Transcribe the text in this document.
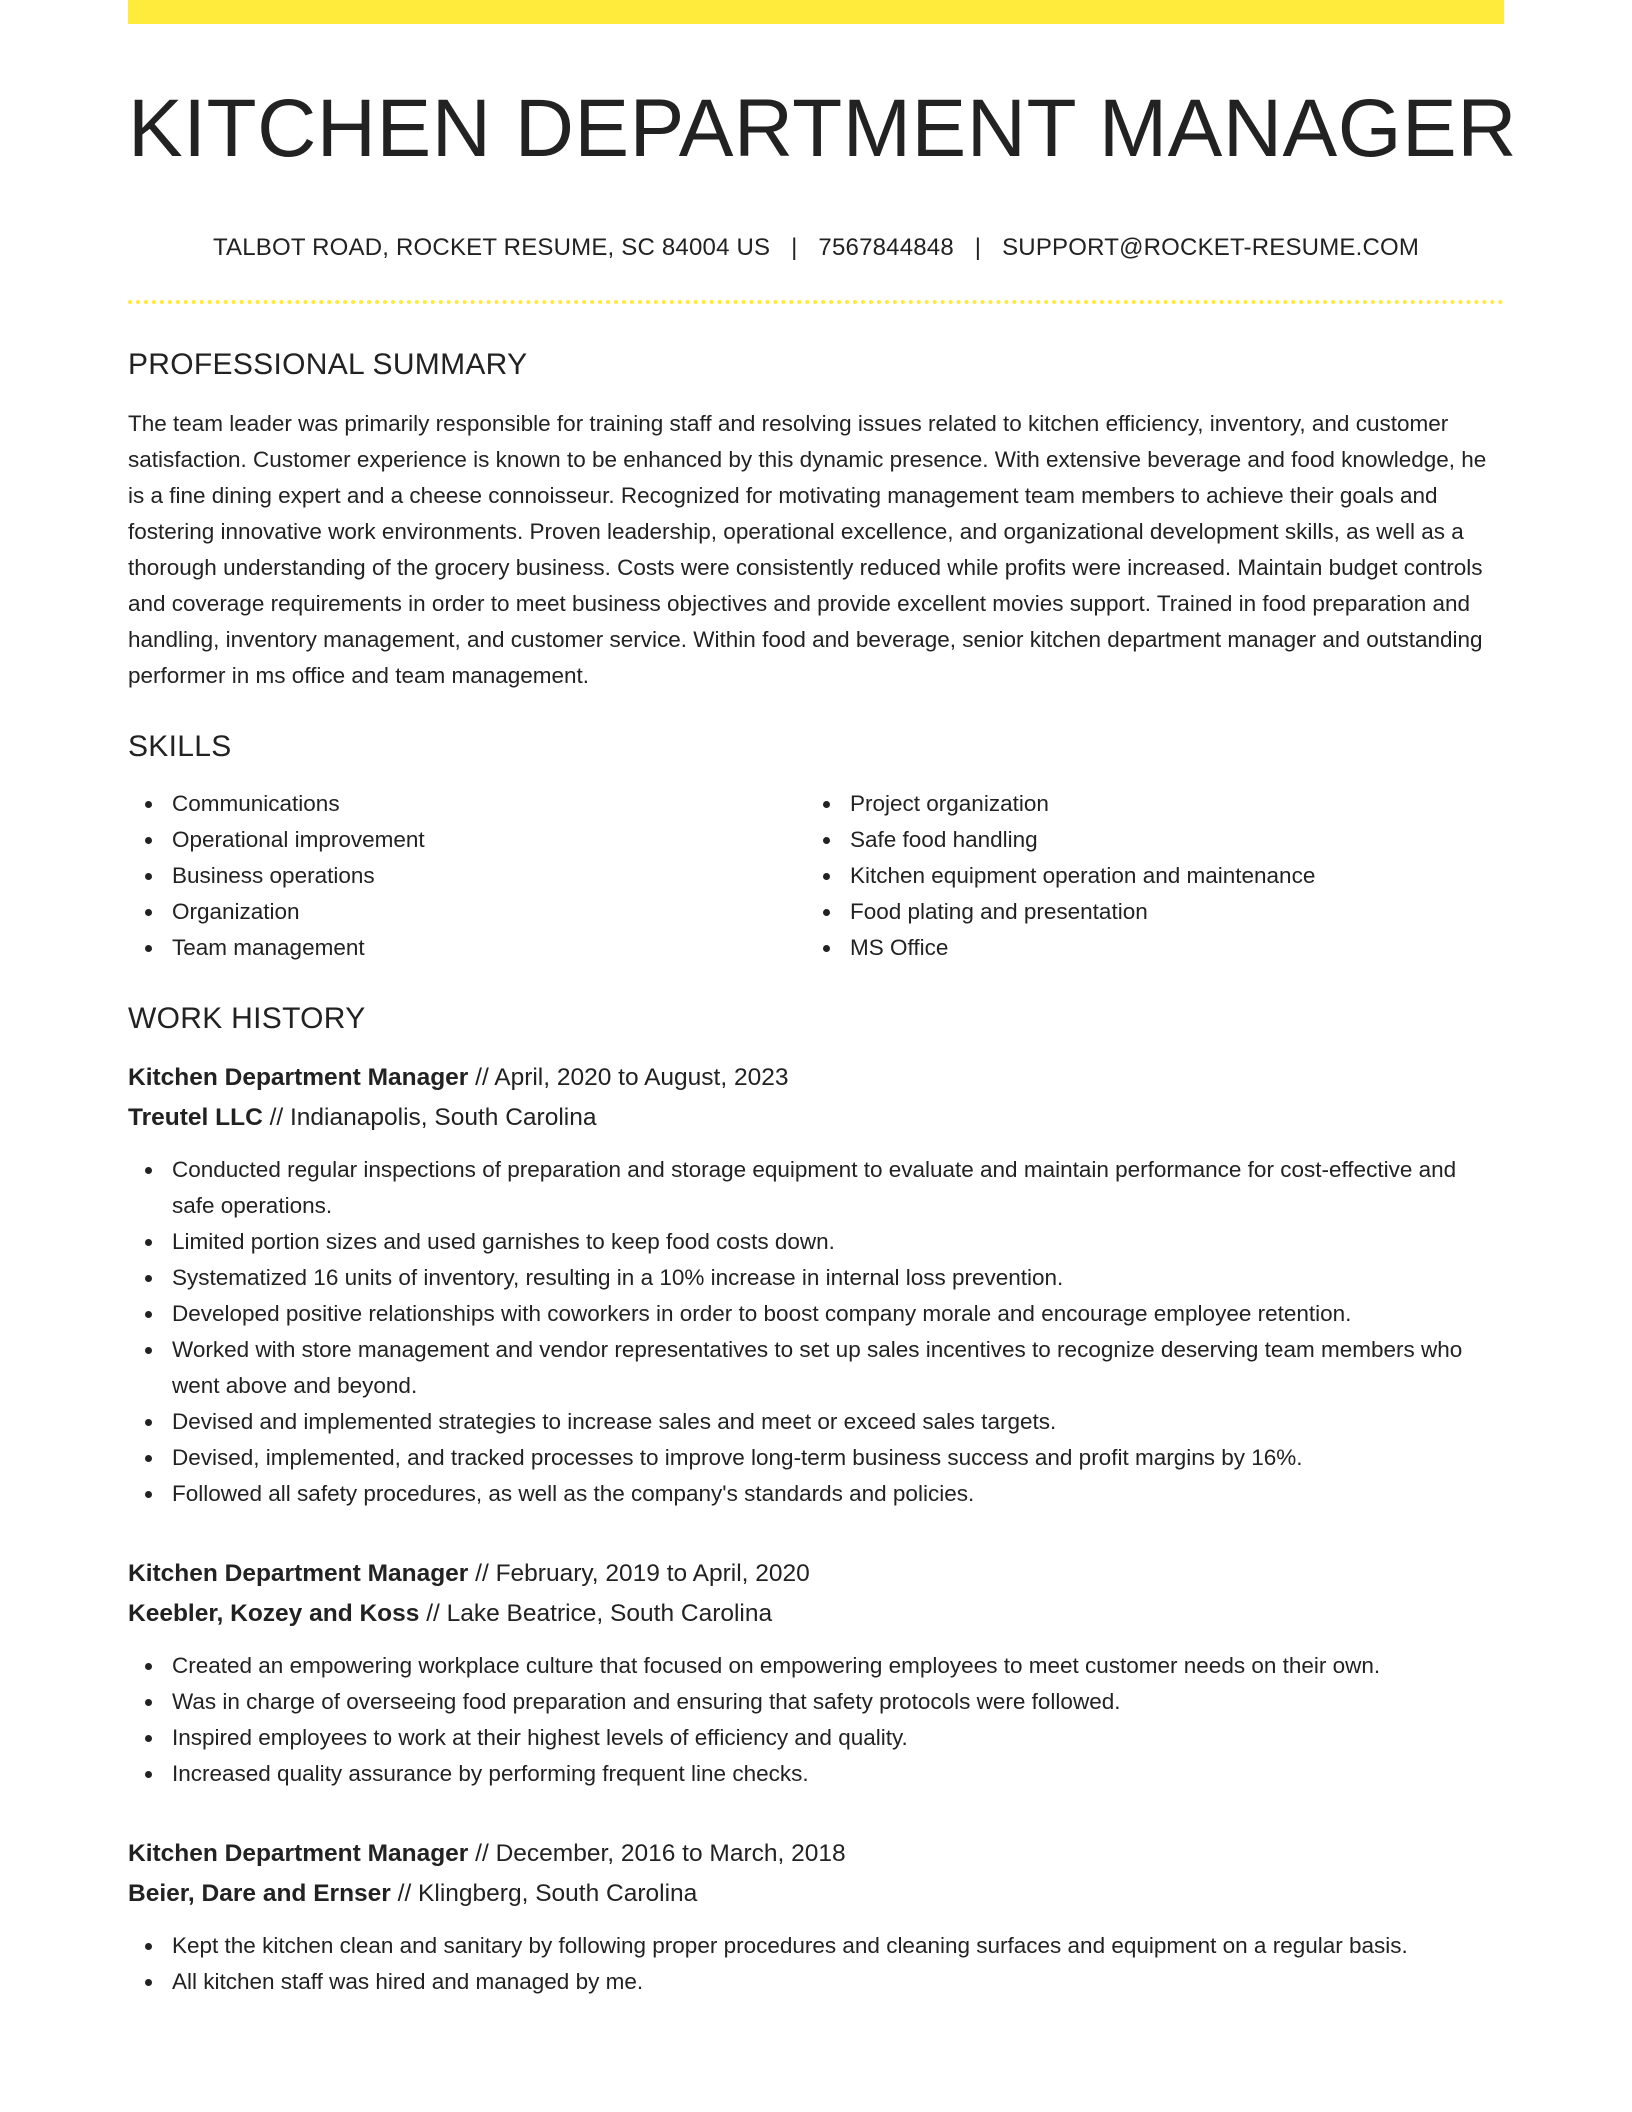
KITCHEN DEPARTMENT MANAGER
TALBOT ROAD, ROCKET RESUME, SC 84004 US | 7567844848 | SUPPORT@ROCKET-RESUME.COM
PROFESSIONAL SUMMARY

The team leader was primarily responsible for training staff and resolving issues related to kitchen efficiency, inventory, and customer satisfaction. Customer experience is known to be enhanced by this dynamic presence. With extensive beverage and food knowledge, he is a fine dining expert and a cheese connoisseur. Recognized for motivating management team members to achieve their goals and fostering innovative work environments. Proven leadership, operational excellence, and organizational development skills, as well as a thorough understanding of the grocery business. Costs were consistently reduced while profits were increased. Maintain budget controls and coverage requirements in order to meet business objectives and provide excellent movies support. Trained in food preparation and handling, inventory management, and customer service. Within food and beverage, senior kitchen department manager and outstanding performer in ms office and team management.

SKILLS
Communications
Operational improvement
Business operations
Organization
Team management
Project organization
Safe food handling
Kitchen equipment operation and maintenance
Food plating and presentation
MS Office
WORK HISTORY
Kitchen Department Manager // April, 2020 to August, 2023
Treutel LLC // Indianapolis, South Carolina
Conducted regular inspections of preparation and storage equipment to evaluate and maintain performance for cost-effective and safe operations.
Limited portion sizes and used garnishes to keep food costs down.
Systematized 16 units of inventory, resulting in a 10% increase in internal loss prevention.
Developed positive relationships with coworkers in order to boost company morale and encourage employee retention.
Worked with store management and vendor representatives to set up sales incentives to recognize deserving team members who went above and beyond.
Devised and implemented strategies to increase sales and meet or exceed sales targets.
Devised, implemented, and tracked processes to improve long-term business success and profit margins by 16%.
Followed all safety procedures, as well as the company's standards and policies.
Kitchen Department Manager // February, 2019 to April, 2020
Keebler, Kozey and Koss // Lake Beatrice, South Carolina
Created an empowering workplace culture that focused on empowering employees to meet customer needs on their own.
Was in charge of overseeing food preparation and ensuring that safety protocols were followed.
Inspired employees to work at their highest levels of efficiency and quality.
Increased quality assurance by performing frequent line checks.
Kitchen Department Manager // December, 2016 to March, 2018
Beier, Dare and Ernser // Klingberg, South Carolina
Kept the kitchen clean and sanitary by following proper procedures and cleaning surfaces and equipment on a regular basis.
All kitchen staff was hired and managed by me.
